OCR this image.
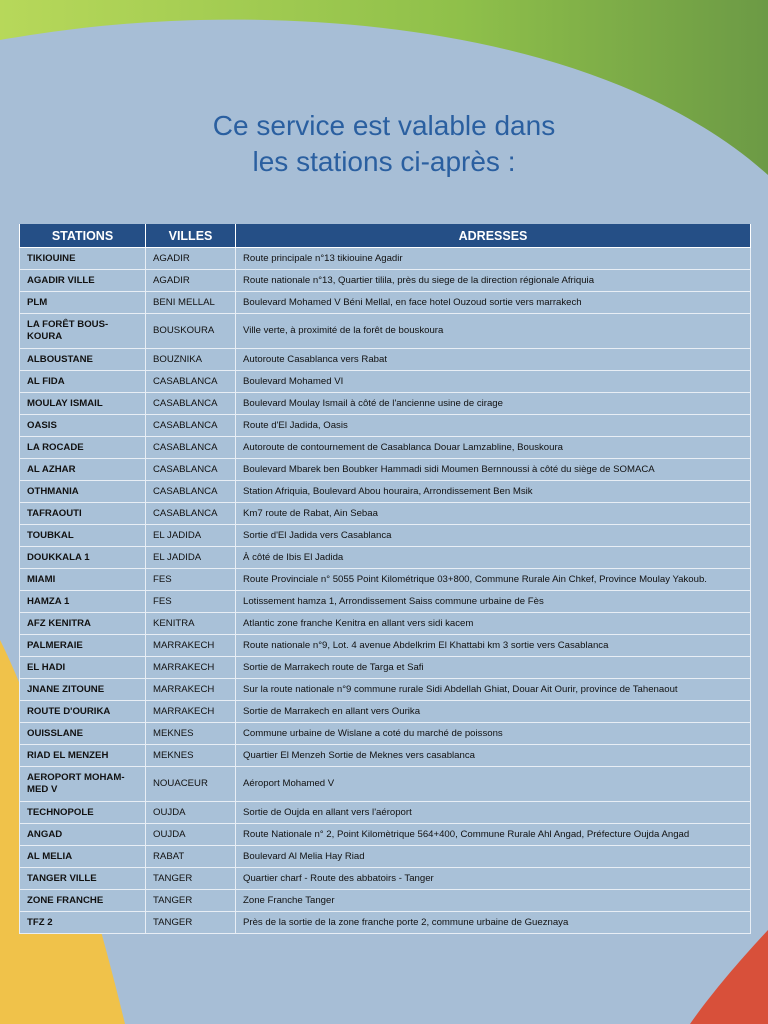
Ce service est valable dans
les stations ci-après :
STATIONS	VILLES	ADRESSES
TIKIOUINE	AGADIR	Route principale n°13 tikiouine Agadir
AGADIR VILLE	AGADIR	Route nationale n°13, Quartier tilila, près du siege de la direction régionale Afriquia
PLM	BENI MELLAL	Boulevard Mohamed V Béni Mellal, en face hotel Ouzoud sortie vers marrakech
LA FORÊT BOUS-KOURA	BOUSKOURA	Ville verte, à proximité de la forêt de bouskoura
ALBOUSTANE	BOUZNIKA	Autoroute Casablanca vers Rabat
AL FIDA	CASABLANCA	Boulevard Mohamed VI
MOULAY ISMAIL	CASABLANCA	Boulevard Moulay Ismail à côté de l'ancienne usine de cirage
OASIS	CASABLANCA	Route d'El Jadida, Oasis
LA ROCADE	CASABLANCA	Autoroute de contournement de Casablanca Douar Lamzabline, Bouskoura
AL AZHAR	CASABLANCA	Boulevard Mbarek ben Boubker Hammadi sidi Moumen Bernnoussi à côté du siège de SOMACA
OTHMANIA	CASABLANCA	Station Afriquia, Boulevard Abou houraira, Arrondissement Ben Msik
TAFRAOUTI	CASABLANCA	Km7 route de Rabat, Ain Sebaa
TOUBKAL	EL JADIDA	Sortie d'El Jadida vers Casablanca
DOUKKALA 1	EL JADIDA	À côté de Ibis El Jadida
MIAMI	FES	Route Provinciale n° 5055 Point Kilométrique 03+800, Commune Rurale Ain Chkef, Province Moulay Yakoub.
HAMZA 1	FES	Lotissement hamza 1, Arrondissement Saiss commune urbaine de Fès
AFZ KENITRA	KENITRA	Atlantic zone franche Kenitra en allant vers sidi kacem
PALMERAIE	MARRAKECH	Route nationale n°9, Lot. 4 avenue Abdelkrim El Khattabi km 3 sortie vers Casablanca
EL HADI	MARRAKECH	Sortie de Marrakech route de Targa et Safi
JNANE ZITOUNE	MARRAKECH	Sur la route nationale n°9 commune rurale Sidi Abdellah Ghiat, Douar Ait Ourir, province de Tahenaout
ROUTE D'OURIKA	MARRAKECH	Sortie de Marrakech en allant vers Ourika
OUISSLANE	MEKNES	Commune urbaine de Wislane a coté du marché de poissons
RIAD EL MENZEH	MEKNES	Quartier El Menzeh Sortie de Meknes vers casablanca
AEROPORT MOHAM-MED V	NOUACEUR	Aéroport Mohamed V
TECHNOPOLE	OUJDA	Sortie de Oujda en allant vers l'aéroport
ANGAD	OUJDA	Route Nationale n° 2, Point Kilomètrique 564+400, Commune Rurale Ahl Angad, Préfecture Oujda Angad
AL MELIA	RABAT	Boulevard Al Melia Hay Riad
TANGER VILLE	TANGER	Quartier charf - Route des abbatoirs - Tanger
ZONE FRANCHE	TANGER	Zone Franche Tanger
TFZ 2	TANGER	Près de la sortie de la zone franche porte 2, commune urbaine de Gueznaya
